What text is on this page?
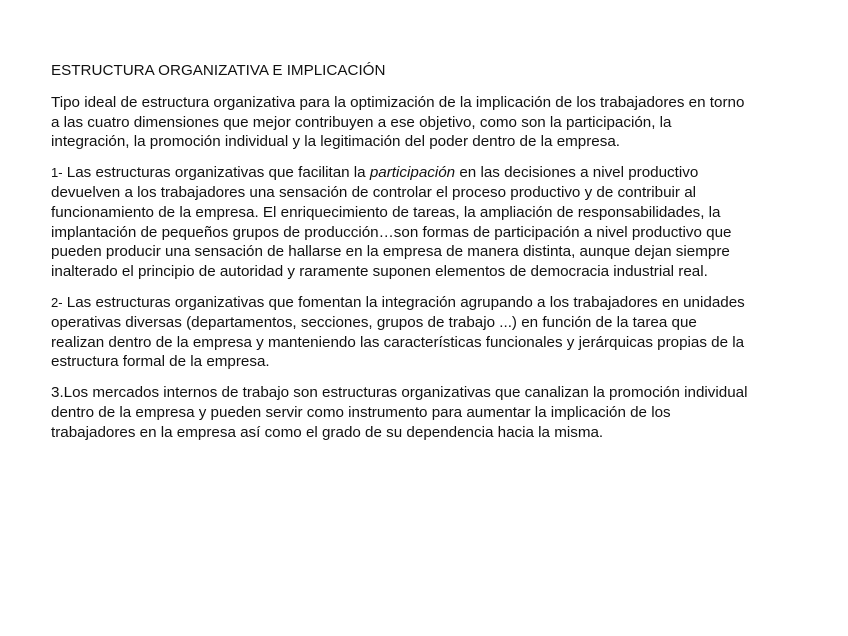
ESTRUCTURA ORGANIZATIVA E IMPLICACIÓN

Tipo ideal de estructura organizativa para la optimización de la implicación de los trabajadores en torno a las cuatro dimensiones que mejor contribuyen a ese objetivo, como son la participación, la integración, la promoción individual y la legitimación del poder dentro de la empresa.

1- Las estructuras organizativas que facilitan la participación en las decisiones a nivel productivo devuelven a los trabajadores una sensación de controlar el proceso productivo y de contribuir al funcionamiento de la empresa. El enriquecimiento de tareas, la ampliación de responsabilidades, la implantación de pequeños grupos de producción…son formas de participación a nivel productivo que pueden producir una sensación de hallarse en la empresa de manera distinta, aunque dejan siempre inalterado el principio de autoridad y raramente suponen elementos de democracia industrial real.

2- Las estructuras organizativas que fomentan la integración agrupando a los trabajadores en unidades operativas diversas (departamentos, secciones, grupos de trabajo ...) en función de la tarea que realizan dentro de la empresa y manteniendo las características funcionales y jerárquicas propias de la estructura formal de la empresa.

3.Los mercados internos de trabajo son estructuras organizativas que canalizan la promoción individual dentro de la empresa y pueden servir como instrumento para aumentar la implicación de los trabajadores en la empresa así como el grado de su dependencia hacia la misma.
